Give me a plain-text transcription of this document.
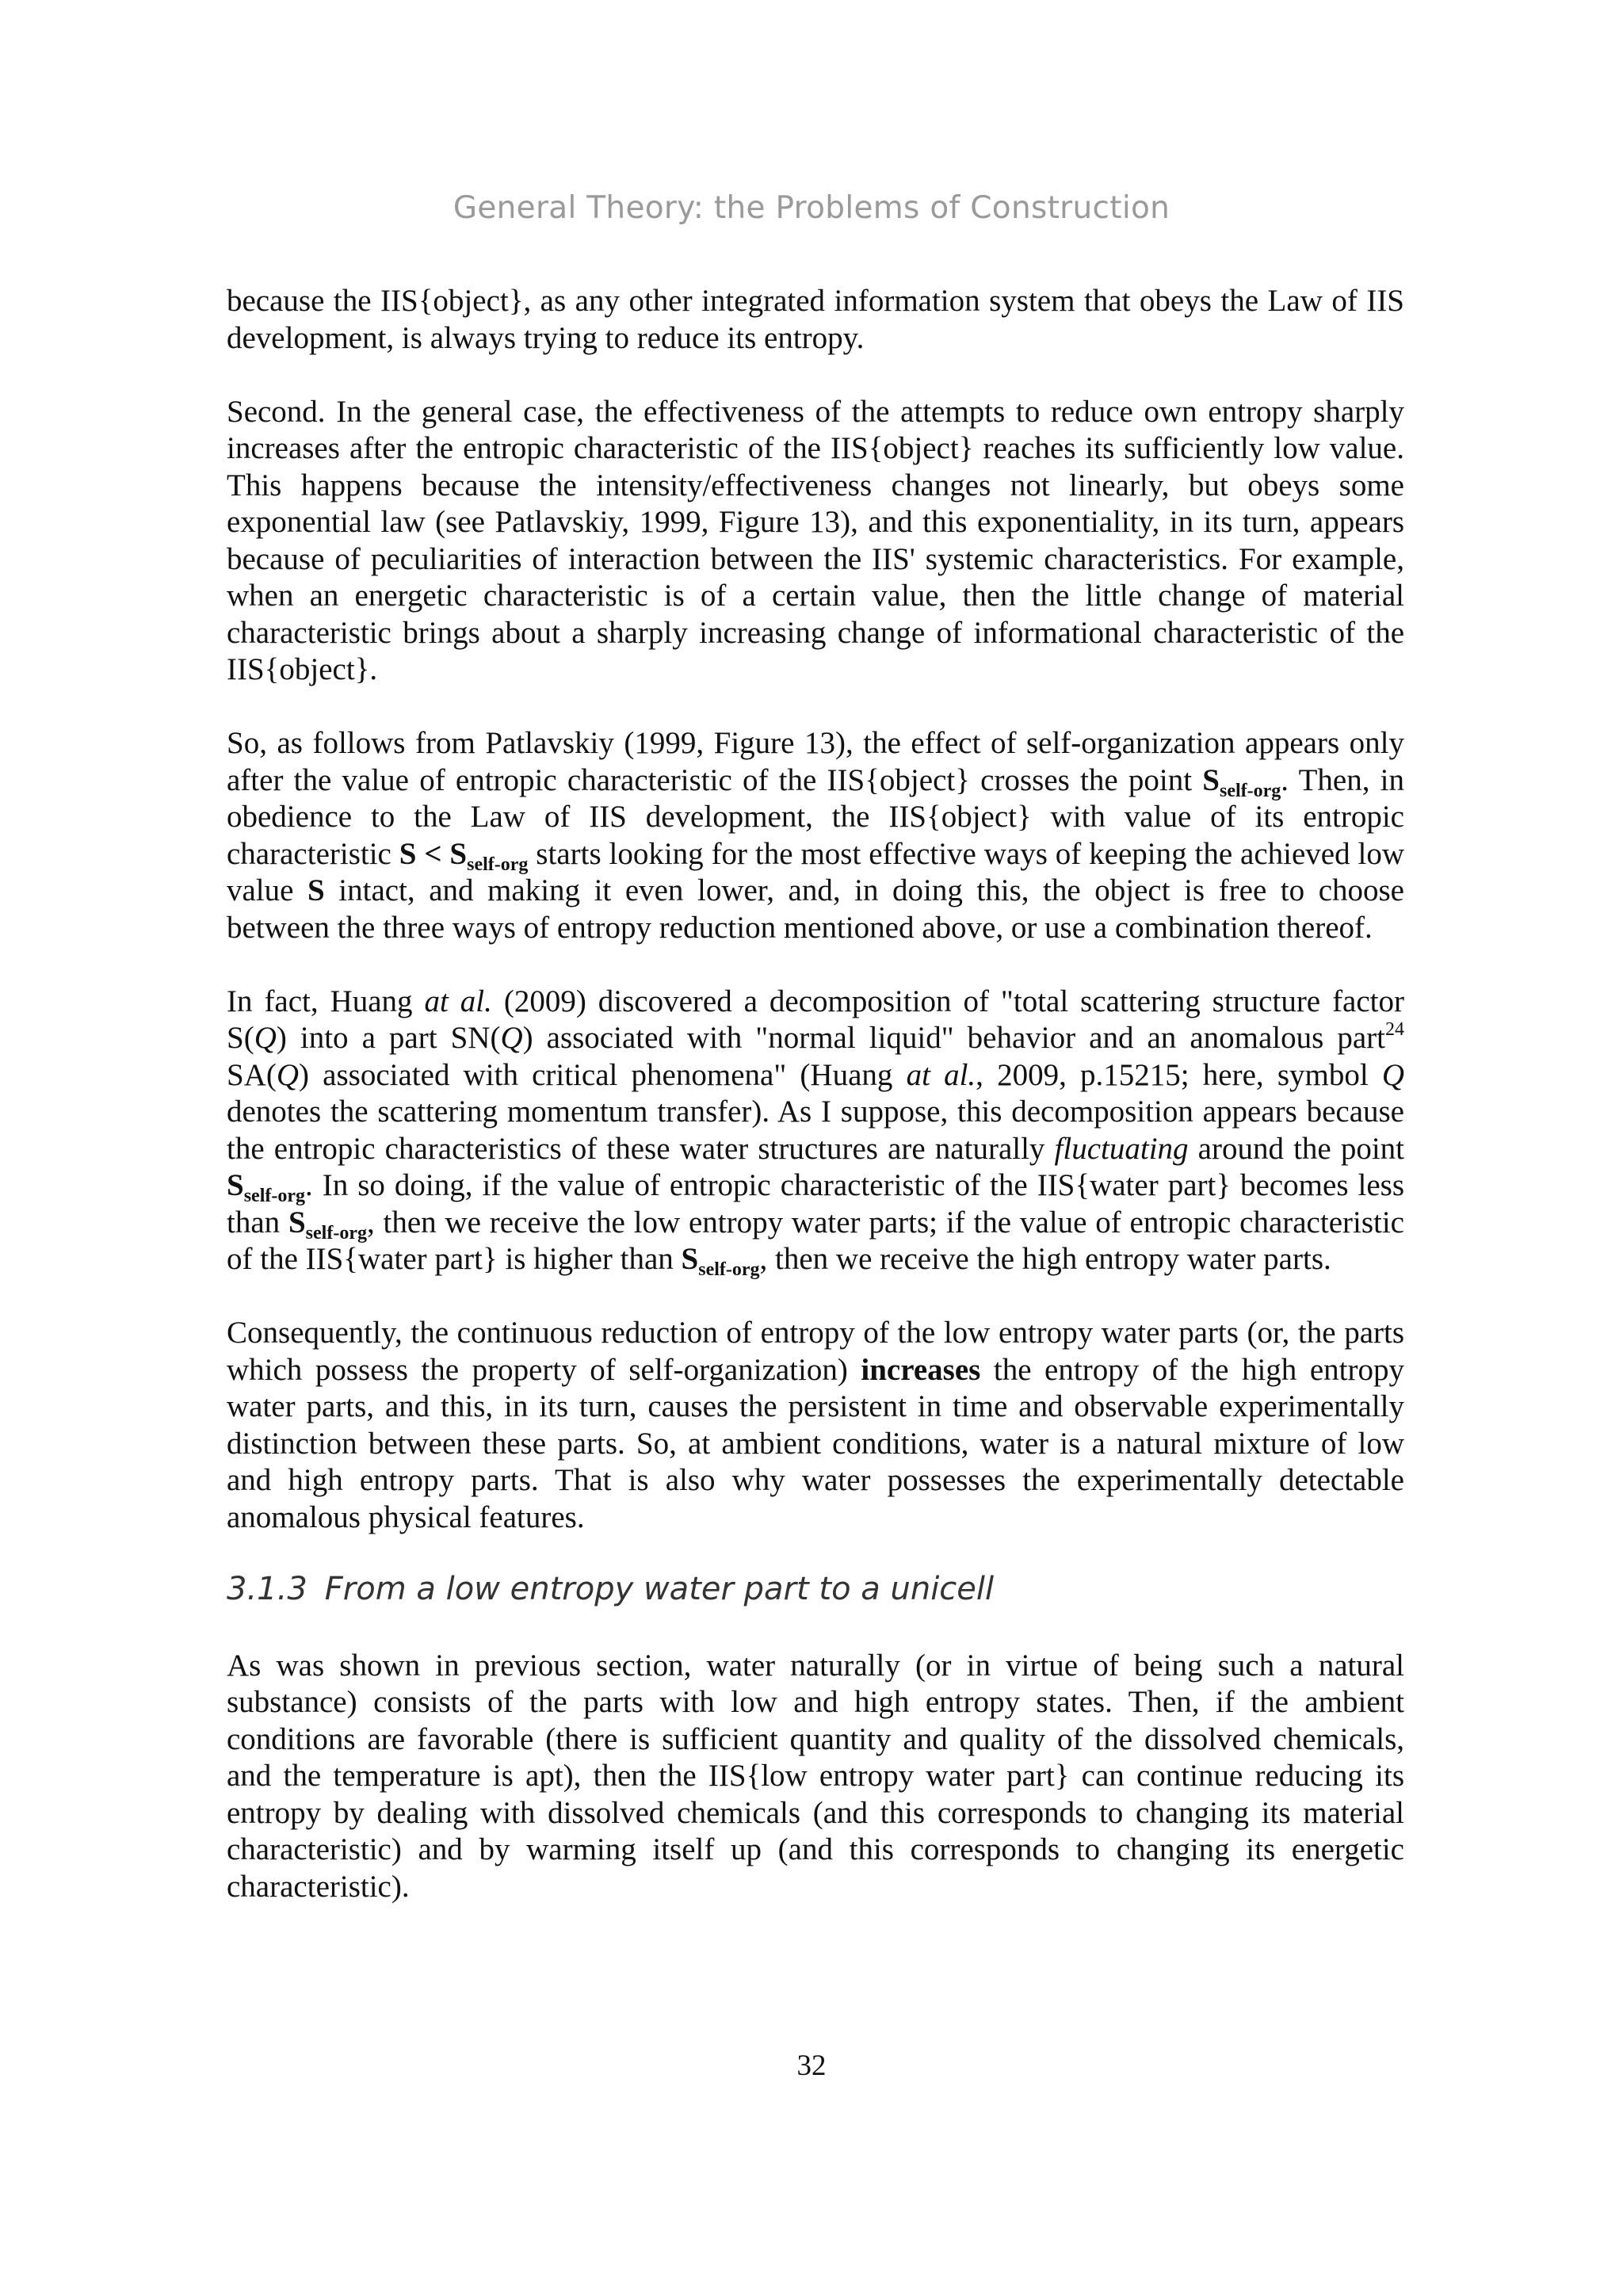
General Theory: the Problems of Construction

because the IIS{object}, as any other integrated information system that obeys the Law of IIS development, is always trying to reduce its entropy.

Second. In the general case, the effectiveness of the attempts to reduce own entropy sharply increases after the entropic characteristic of the IIS{object} reaches its sufficiently low value. This happens because the intensity/effectiveness changes not linearly, but obeys some exponential law (see Patlavskiy, 1999, Figure 13), and this exponentiality, in its turn, appears because of peculiarities of interaction between the IIS' systemic characteristics. For example, when an energetic characteristic is of a certain value, then the little change of material characteristic brings about a sharply increasing change of informational characteristic of the IIS{object}.

So, as follows from Patlavskiy (1999, Figure 13), the effect of self-organization appears only after the value of entropic characteristic of the IIS{object} crosses the point $S_{self-org}$. Then, in obedience to the Law of IIS development, the IIS{object} with value of its entropic characteristic $S < S_{self-org}$ starts looking for the most effective ways of keeping the achieved low value S intact, and making it even lower, and, in doing this, the object is free to choose between the three ways of entropy reduction mentioned above, or use a combination thereof.

In fact, Huang at al. (2009) discovered a decomposition of "total scattering structure factor S(Q) into a part SN(Q) associated with "normal liquid" behavior and an anomalous part$^{24}$ SA(Q) associated with critical phenomena" (Huang at al., 2009, p.15215; here, symbol Q denotes the scattering momentum transfer). As I suppose, this decomposition appears because the entropic characteristics of these water structures are naturally fluctuating around the point $S_{self-org}$. In so doing, if the value of entropic characteristic of the IIS{water part} becomes less than $S_{self-org}$, then we receive the low entropy water parts; if the value of entropic characteristic of the IIS{water part} is higher than $S_{self-org}$, then we receive the high entropy water parts.

Consequently, the continuous reduction of entropy of the low entropy water parts (or, the parts which possess the property of self-organization) increases the entropy of the high entropy water parts, and this, in its turn, causes the persistent in time and observable experimentally distinction between these parts. So, at ambient conditions, water is a natural mixture of low and high entropy parts. That is also why water possesses the experimentally detectable anomalous physical features.

3.1.3 From a low entropy water part to a unicell

As was shown in previous section, water naturally (or in virtue of being such a natural substance) consists of the parts with low and high entropy states. Then, if the ambient conditions are favorable (there is sufficient quantity and quality of the dissolved chemicals, and the temperature is apt), then the IIS{low entropy water part} can continue reducing its entropy by dealing with dissolved chemicals (and this corresponds to changing its material characteristic) and by warming itself up (and this corresponds to changing its energetic characteristic).

32
